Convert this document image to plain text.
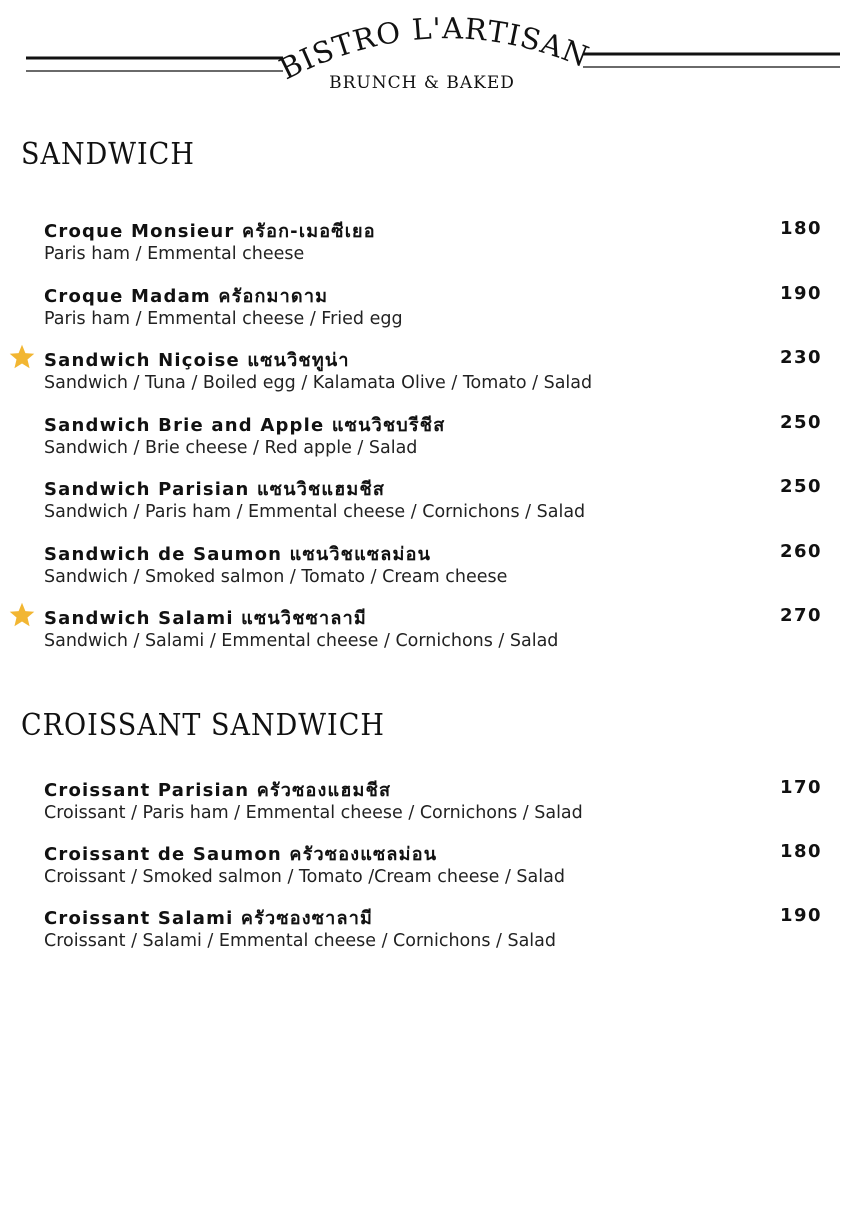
BISTRO L'ARTISAN
BRUNCH & BAKED
SANDWICH
Croque Monsieur ครัอก-เมอซีเยอ
Paris ham / Emmental cheese
180
Croque Madam ครัอกมาดาม
Paris ham / Emmental cheese / Fried egg
190
Sandwich Niçoise แซนวิชทูน่า
Sandwich / Tuna / Boiled egg / Kalamata Olive / Tomato / Salad
230
Sandwich Brie and Apple แซนวิชบรีชีส
Sandwich / Brie cheese / Red apple / Salad
250
Sandwich Parisian แซนวิชแฮมชีส
Sandwich / Paris ham / Emmental cheese / Cornichons / Salad
250
Sandwich de Saumon แซนวิชแซลม่อน
Sandwich / Smoked salmon / Tomato / Cream cheese
260
Sandwich Salami แซนวิชซาลามี
Sandwich / Salami / Emmental cheese / Cornichons / Salad
270
CROISSANT SANDWICH
Croissant Parisian ครัวซองแฮมชีส
Croissant / Paris ham / Emmental cheese / Cornichons / Salad
170
Croissant de Saumon ครัวซองแซลม่อน
Croissant / Smoked salmon / Tomato /Cream cheese / Salad
180
Croissant Salami ครัวซองซาลามี
Croissant / Salami / Emmental cheese / Cornichons / Salad
190
